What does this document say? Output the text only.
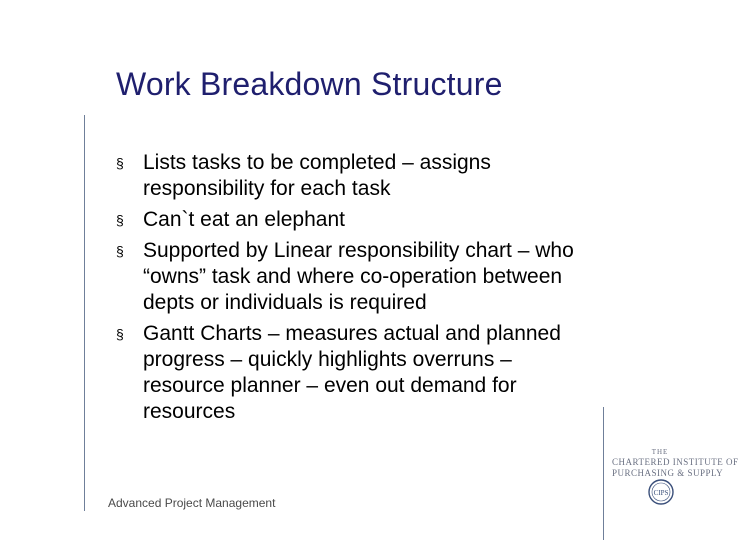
Work Breakdown Structure
§ Lists tasks to be completed – assigns responsibility for each task
§ Can`t eat an elephant
§ Supported by Linear responsibility chart – who “owns” task and where co-operation between depts or individuals is required
§ Gantt Charts – measures actual and planned progress – quickly highlights overruns – resource planner – even out demand for resources
Advanced Project Management
THE
CHARTERED INSTITUTE OF
PURCHASING & SUPPLY
CIPS
